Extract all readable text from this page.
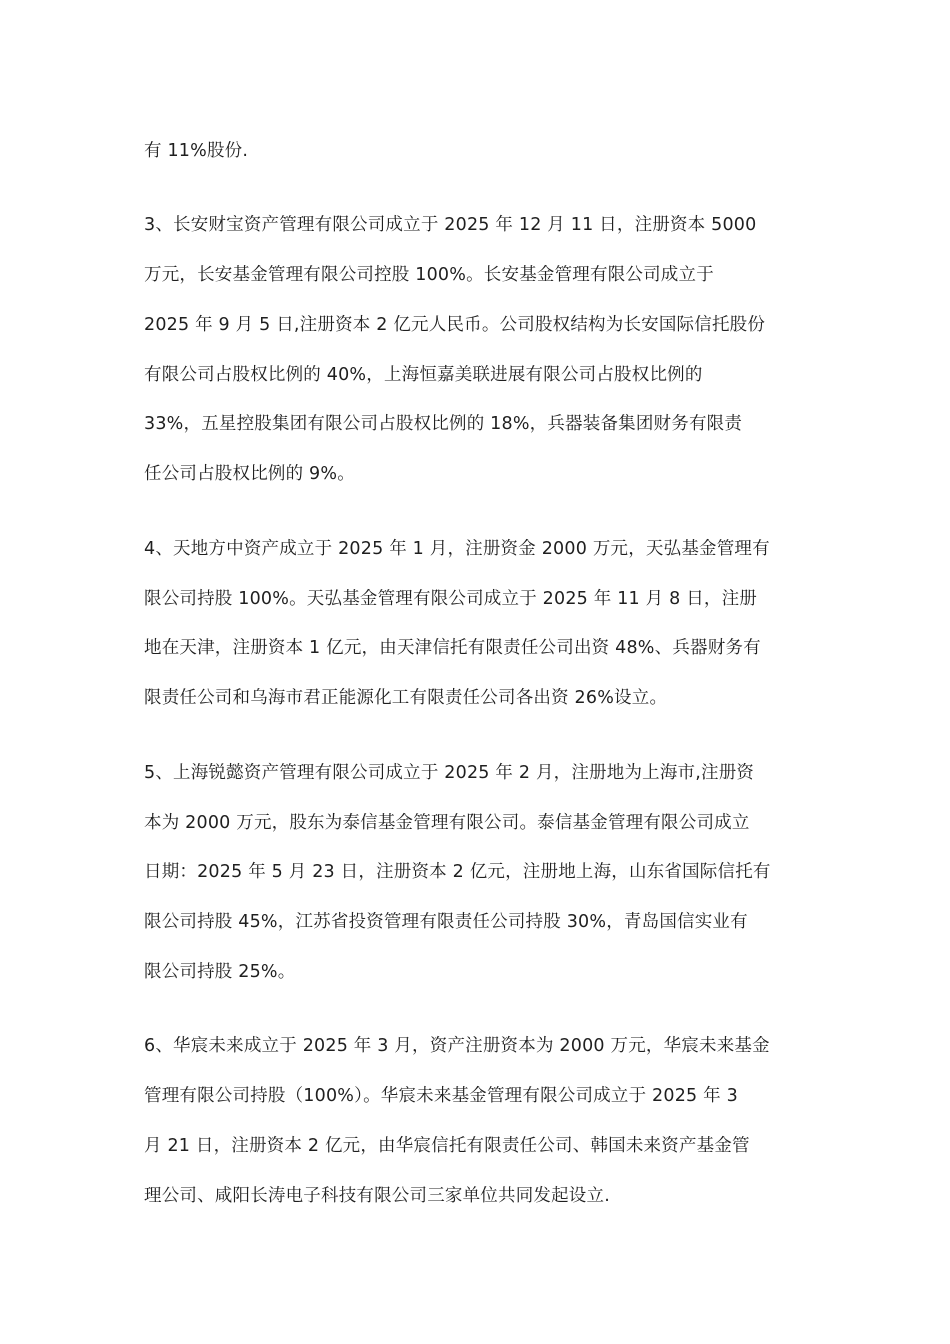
有 11%股份.
3、长安财宝资产管理有限公司成立于 2025 年 12 月 11 日，注册资本 5000
万元，长安基金管理有限公司控股 100%。长安基金管理有限公司成立于
2025 年 9 月 5 日,注册资本 2 亿元人民币。公司股权结构为长安国际信托股份
有限公司占股权比例的 40%，上海恒嘉美联进展有限公司占股权比例的
33%，五星控股集团有限公司占股权比例的 18%，兵器装备集团财务有限责
任公司占股权比例的 9%。
4、天地方中资产成立于 2025 年 1 月，注册资金 2000 万元，天弘基金管理有
限公司持股 100%。天弘基金管理有限公司成立于 2025 年 11 月 8 日，注册
地在天津，注册资本 1 亿元，由天津信托有限责任公司出资 48%、兵器财务有
限责任公司和乌海市君正能源化工有限责任公司各出资 26%设立。
5、上海锐懿资产管理有限公司成立于 2025 年 2 月，注册地为上海市,注册资
本为 2000 万元，股东为泰信基金管理有限公司。泰信基金管理有限公司成立
日期：2025 年 5 月 23 日，注册资本 2 亿元，注册地上海，山东省国际信托有
限公司持股 45%，江苏省投资管理有限责任公司持股 30%，青岛国信实业有
限公司持股 25%。
6、华宸未来成立于 2025 年 3 月，资产注册资本为 2000 万元，华宸未来基金
管理有限公司持股（100%）。华宸未来基金管理有限公司成立于 2025 年 3
月 21 日，注册资本 2 亿元，由华宸信托有限责任公司、韩国未来资产基金管
理公司、咸阳长涛电子科技有限公司三家单位共同发起设立.
